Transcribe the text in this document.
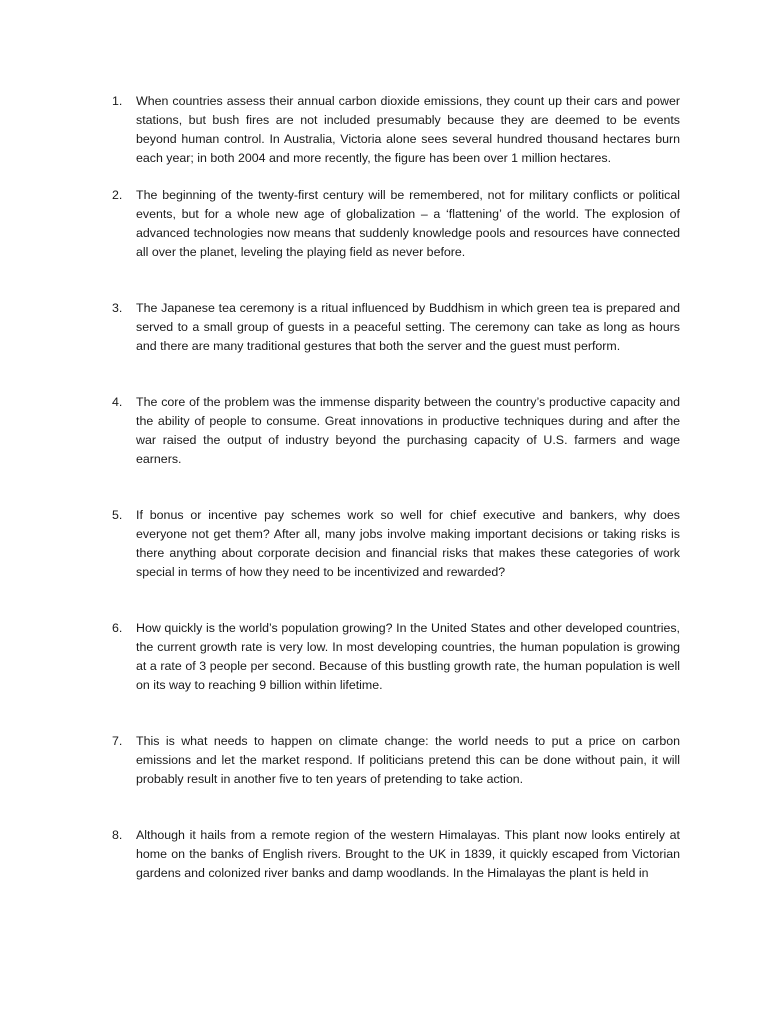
1. When countries assess their annual carbon dioxide emissions, they count up their cars and power stations, but bush fires are not included presumably because they are deemed to be events beyond human control. In Australia, Victoria alone sees several hundred thousand hectares burn each year; in both 2004 and more recently, the figure has been over 1 million hectares.
2. The beginning of the twenty-first century will be remembered, not for military conflicts or political events, but for a whole new age of globalization – a ‘flattening’ of the world. The explosion of advanced technologies now means that suddenly knowledge pools and resources have connected all over the planet, leveling the playing field as never before.
3. The Japanese tea ceremony is a ritual influenced by Buddhism in which green tea is prepared and served to a small group of guests in a peaceful setting. The ceremony can take as long as hours and there are many traditional gestures that both the server and the guest must perform.
4. The core of the problem was the immense disparity between the country’s productive capacity and the ability of people to consume. Great innovations in productive techniques during and after the war raised the output of industry beyond the purchasing capacity of U.S. farmers and wage earners.
5. If bonus or incentive pay schemes work so well for chief executive and bankers, why does everyone not get them? After all, many jobs involve making important decisions or taking risks is there anything about corporate decision and financial risks that makes these categories of work special in terms of how they need to be incentivized and rewarded?
6. How quickly is the world’s population growing? In the United States and other developed countries, the current growth rate is very low. In most developing countries, the human population is growing at a rate of 3 people per second. Because of this bustling growth rate, the human population is well on its way to reaching 9 billion within lifetime.
7. This is what needs to happen on climate change: the world needs to put a price on carbon emissions and let the market respond. If politicians pretend this can be done without pain, it will probably result in another five to ten years of pretending to take action.
8. Although it hails from a remote region of the western Himalayas. This plant now looks entirely at home on the banks of English rivers. Brought to the UK in 1839, it quickly escaped from Victorian gardens and colonized river banks and damp woodlands. In the Himalayas the plant is held in
